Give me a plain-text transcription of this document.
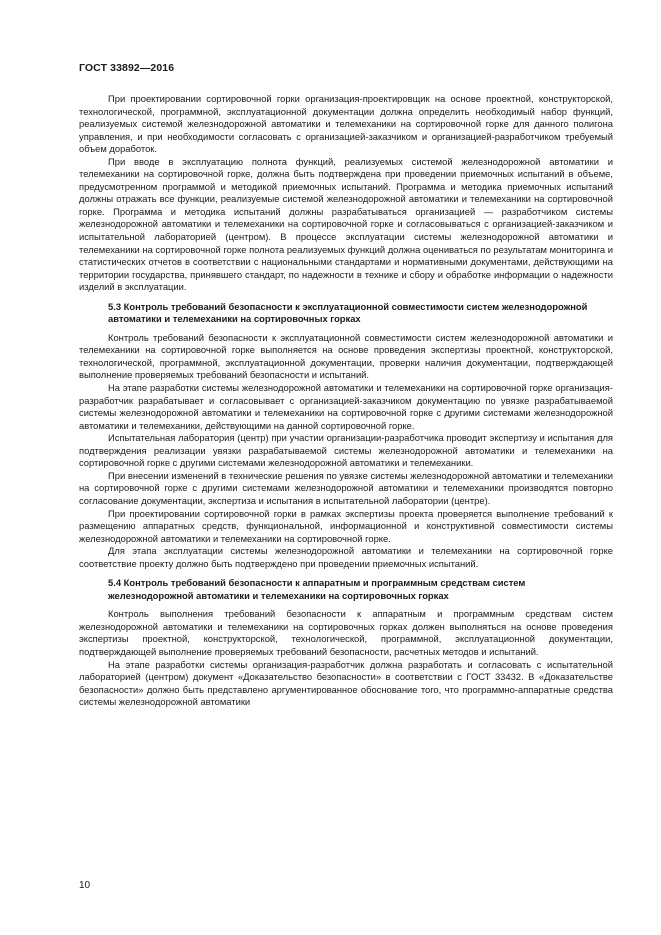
ГОСТ 33892—2016

При проектировании сортировочной горки организация-проектировщик на основе проектной, конструкторской, технологической, программной, эксплуатационной документации должна определить необходимый набор функций, реализуемых системой железнодорожной автоматики и телемеханики на сортировочной горке для данного полигона управления, и при необходимости согласовать с организацией-заказчиком и организацией-разработчиком требуемый объем доработок.

При вводе в эксплуатацию полнота функций, реализуемых системой железнодорожной автоматики и телемеханики на сортировочной горке, должна быть подтверждена при проведении приемочных испытаний в объеме, предусмотренном программой и методикой приемочных испытаний. Программа и методика приемочных испытаний должны отражать все функции, реализуемые системой железнодорожной автоматики и телемеханики на сортировочной горке. Программа и методика испытаний должны разрабатываться организацией — разработчиком системы железнодорожной автоматики и телемеханики на сортировочной горке и согласовываться с организацией-заказчиком и испытательной лабораторией (центром). В процессе эксплуатации системы железнодорожной автоматики и телемеханики на сортировочной горке полнота реализуемых функций должна оцениваться по результатам мониторинга и статистических отчетов в соответствии с национальными стандартами и нормативными документами, действующими на территории государства, принявшего стандарт, по надежности в технике и сбору и обработке информации о надежности изделий в эксплуатации.

5.3 Контроль требований безопасности к эксплуатационной совместимости систем железнодорожной автоматики и телемеханики на сортировочных горках

Контроль требований безопасности к эксплуатационной совместимости систем железнодорожной автоматики и телемеханики на сортировочной горке выполняется на основе проведения экспертизы проектной, конструкторской, технологической, программной, эксплуатационной документации, проверки наличия документации, подтверждающей выполнение проверяемых требований безопасности и испытаний.

На этапе разработки системы железнодорожной автоматики и телемеханики на сортировочной горке организация-разработчик разрабатывает и согласовывает с организацией-заказчиком документацию по увязке разрабатываемой системы железнодорожной автоматики и телемеханики на сортировочной горке с другими системами железнодорожной автоматики и телемеханики, действующими на данной сортировочной горке.

Испытательная лаборатория (центр) при участии организации-разработчика проводит экспертизу и испытания для подтверждения реализации увязки разрабатываемой системы железнодорожной автоматики и телемеханики на сортировочной горке с другими системами железнодорожной автоматики и телемеханики.

При внесении изменений в технические решения по увязке системы железнодорожной автоматики и телемеханики на сортировочной горке с другими системами железнодорожной автоматики и телемеханики производятся повторно согласование документации, экспертиза и испытания в испытательной лаборатории (центре).

При проектировании сортировочной горки в рамках экспертизы проекта проверяется выполнение требований к размещению аппаратных средств, функциональной, информационной и конструктивной совместимости системы железнодорожной автоматики и телемеханики на сортировочной горке.

Для этапа эксплуатации системы железнодорожной автоматики и телемеханики на сортировочной горке соответствие проекту должно быть подтверждено при проведении приемочных испытаний.

5.4 Контроль требований безопасности к аппаратным и программным средствам систем железнодорожной автоматики и телемеханики на сортировочных горках

Контроль выполнения требований безопасности к аппаратным и программным средствам систем железнодорожной автоматики и телемеханики на сортировочных горках должен выполняться на основе проведения экспертизы проектной, конструкторской, технологической, программной, эксплуатационной документации, подтверждающей выполнение проверяемых требований безопасности, расчетных методов и испытаний.

На этапе разработки системы организация-разработчик должна разработать и согласовать с испытательной лабораторией (центром) документ «Доказательство безопасности» в соответствии с ГОСТ 33432. В «Доказательстве безопасности» должно быть представлено аргументированное обоснование того, что программно-аппаратные средства системы железнодорожной автоматики

10
